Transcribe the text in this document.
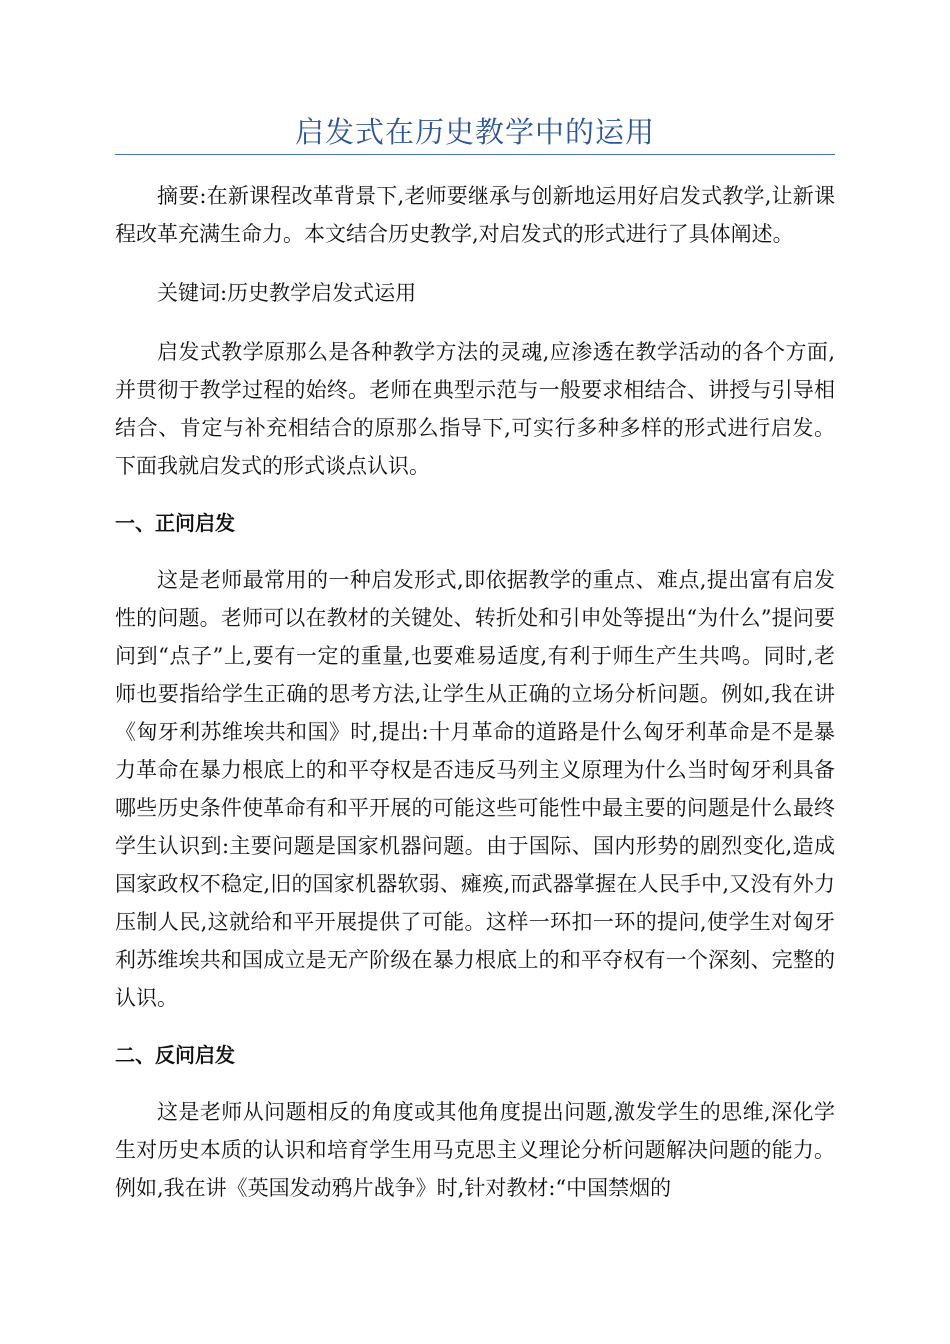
启发式在历史教学中的运用

摘要:在新课程改革背景下,老师要继承与创新地运用好启发式教学,让新课程改革充满生命力。本文结合历史教学,对启发式的形式进行了具体阐述。

关键词:历史教学启发式运用

启发式教学原那么是各种教学方法的灵魂,应渗透在教学活动的各个方面,并贯彻于教学过程的始终。老师在典型示范与一般要求相结合、讲授与引导相结合、肯定与补充相结合的原那么指导下,可实行多种多样的形式进行启发。下面我就启发式的形式谈点认识。

一、正问启发

这是老师最常用的一种启发形式,即依据教学的重点、难点,提出富有启发性的问题。老师可以在教材的关键处、转折处和引申处等提出“为什么”提问要问到“点子”上,要有一定的重量,也要难易适度,有利于师生产生共鸣。同时,老师也要指给学生正确的思考方法,让学生从正确的立场分析问题。例如,我在讲《匈牙利苏维埃共和国》时,提出:十月革命的道路是什么匈牙利革命是不是暴力革命在暴力根底上的和平夺权是否违反马列主义原理为什么当时匈牙利具备哪些历史条件使革命有和平开展的可能这些可能性中最主要的问题是什么最终学生认识到:主要问题是国家机器问题。由于国际、国内形势的剧烈变化,造成国家政权不稳定,旧的国家机器软弱、瘫痪,而武器掌握在人民手中,又没有外力压制人民,这就给和平开展提供了可能。这样一环扣一环的提问,使学生对匈牙利苏维埃共和国成立是无产阶级在暴力根底上的和平夺权有一个深刻、完整的认识。

二、反问启发

这是老师从问题相反的角度或其他角度提出问题,激发学生的思维,深化学生对历史本质的认识和培育学生用马克思主义理论分析问题解决问题的能力。例如,我在讲《英国发动鸦片战争》时,针对教材:“中国禁烟的
